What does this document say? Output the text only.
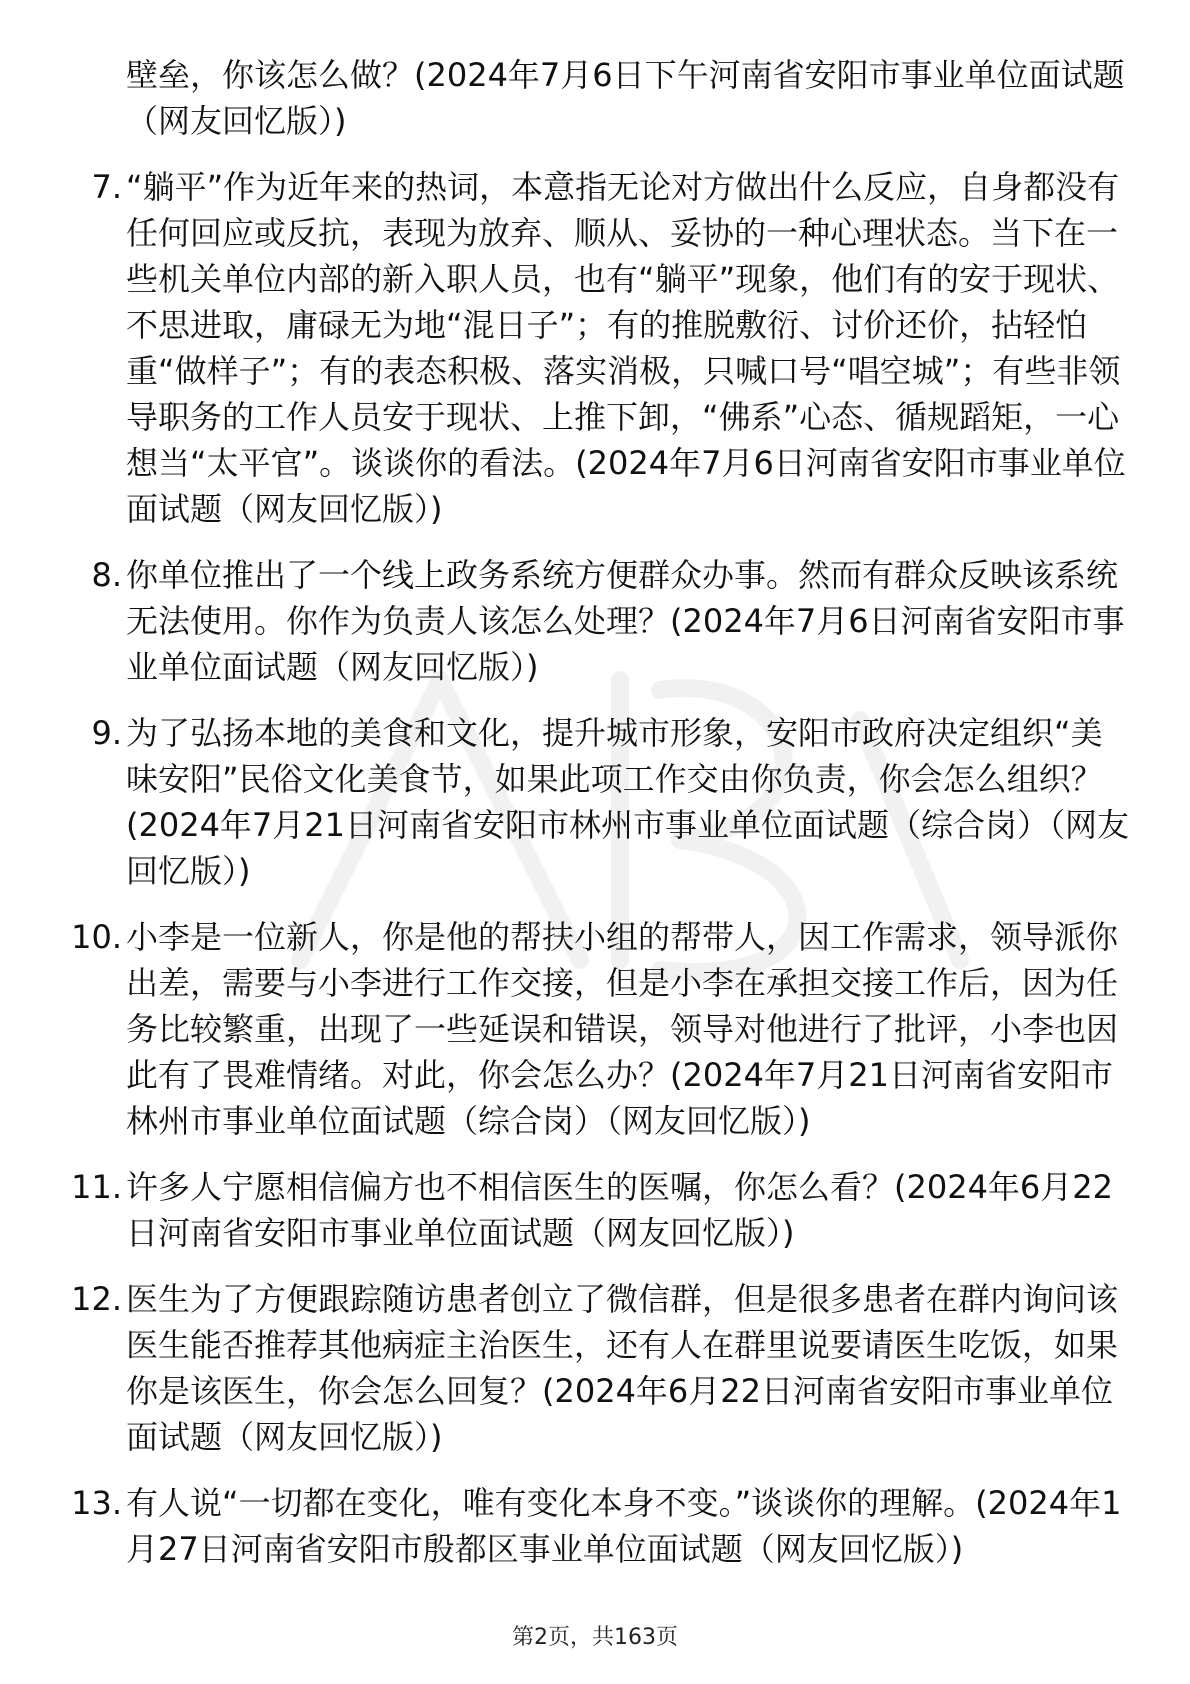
壁垒，你该怎么做？(2024年7月6日下午河南省安阳市事业单位面试题（网友回忆版）)
7. “躺平”作为近年来的热词，本意指无论对方做出什么反应，自身都没有任何回应或反抗，表现为放弃、顺从、妥协的一种心理状态。当下在一些机关单位内部的新入职人员，也有“躺平”现象，他们有的安于现状、不思进取，庸碌无为地“混日子”；有的推脱敷衍、讨价还价，拈轻怕重“做样子”；有的表态积极、落实消极，只喊口号“唱空城”；有些非领导职务的工作人员安于现状、上推下卸，“佛系”心态、循规蹈矩，一心想当“太平官”。谈谈你的看法。(2024年7月6日河南省安阳市事业单位面试题（网友回忆版）)
8. 你单位推出了一个线上政务系统方便群众办事。然而有群众反映该系统无法使用。你作为负责人该怎么处理？(2024年7月6日河南省安阳市事业单位面试题（网友回忆版）)
9. 为了弘扬本地的美食和文化，提升城市形象，安阳市政府决定组织“美味安阳”民俗文化美食节，如果此项工作交由你负责，你会怎么组织？(2024年7月21日河南省安阳市林州市事业单位面试题（综合岗）（网友回忆版）)
10. 小李是一位新人，你是他的帮扶小组的帮带人，因工作需求，领导派你出差，需要与小李进行工作交接，但是小李在承担交接工作后，因为任务比较繁重，出现了一些延误和错误，领导对他进行了批评，小李也因此有了畏难情绪。对此，你会怎么办？(2024年7月21日河南省安阳市林州市事业单位面试题（综合岗）（网友回忆版）)
11. 许多人宁愿相信偏方也不相信医生的医嘱，你怎么看？(2024年6月22日河南省安阳市事业单位面试题（网友回忆版）)
12. 医生为了方便跟踪随访患者创立了微信群，但是很多患者在群内询问该医生能否推荐其他病症主治医生，还有人在群里说要请医生吃饭，如果你是该医生，你会怎么回复？(2024年6月22日河南省安阳市事业单位面试题（网友回忆版）)
13. 有人说“一切都在变化，唯有变化本身不变。”谈谈你的理解。(2024年1月27日河南省安阳市殷都区事业单位面试题（网友回忆版）)
第2页，共163页
